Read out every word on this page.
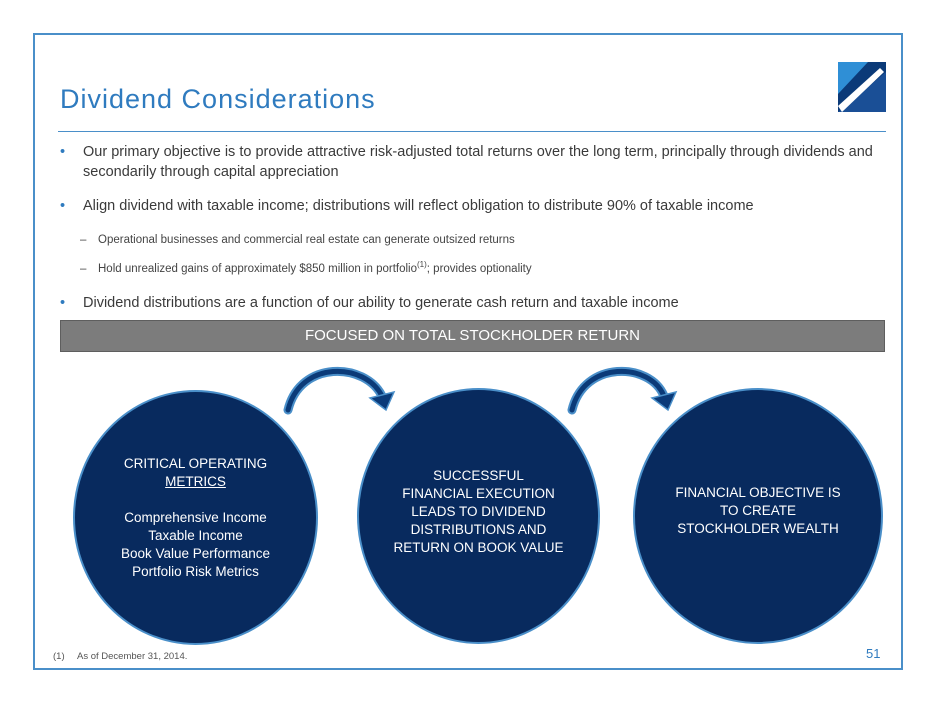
Dividend Considerations
• Our primary objective is to provide attractive risk-adjusted total returns over the long term, principally through dividends and secondarily through capital appreciation
• Align dividend with taxable income; distributions will reflect obligation to distribute 90% of taxable income
– Operational businesses and commercial real estate can generate outsized returns
– Hold unrealized gains of approximately $850 million in portfolio$^{(1)}$; provides optionality
• Dividend distributions are a function of our ability to generate cash return and taxable income
FOCUSED ON TOTAL STOCKHOLDER RETURN
CRITICAL OPERATING
METRICS
Comprehensive Income
Taxable Income
Book Value Performance
Portfolio Risk Metrics
SUCCESSFUL
FINANCIAL EXECUTION
LEADS TO DIVIDEND
DISTRIBUTIONS AND
RETURN ON BOOK VALUE
FINANCIAL OBJECTIVE IS
TO CREATE
STOCKHOLDER WEALTH
(1) As of December 31, 2014.	51
